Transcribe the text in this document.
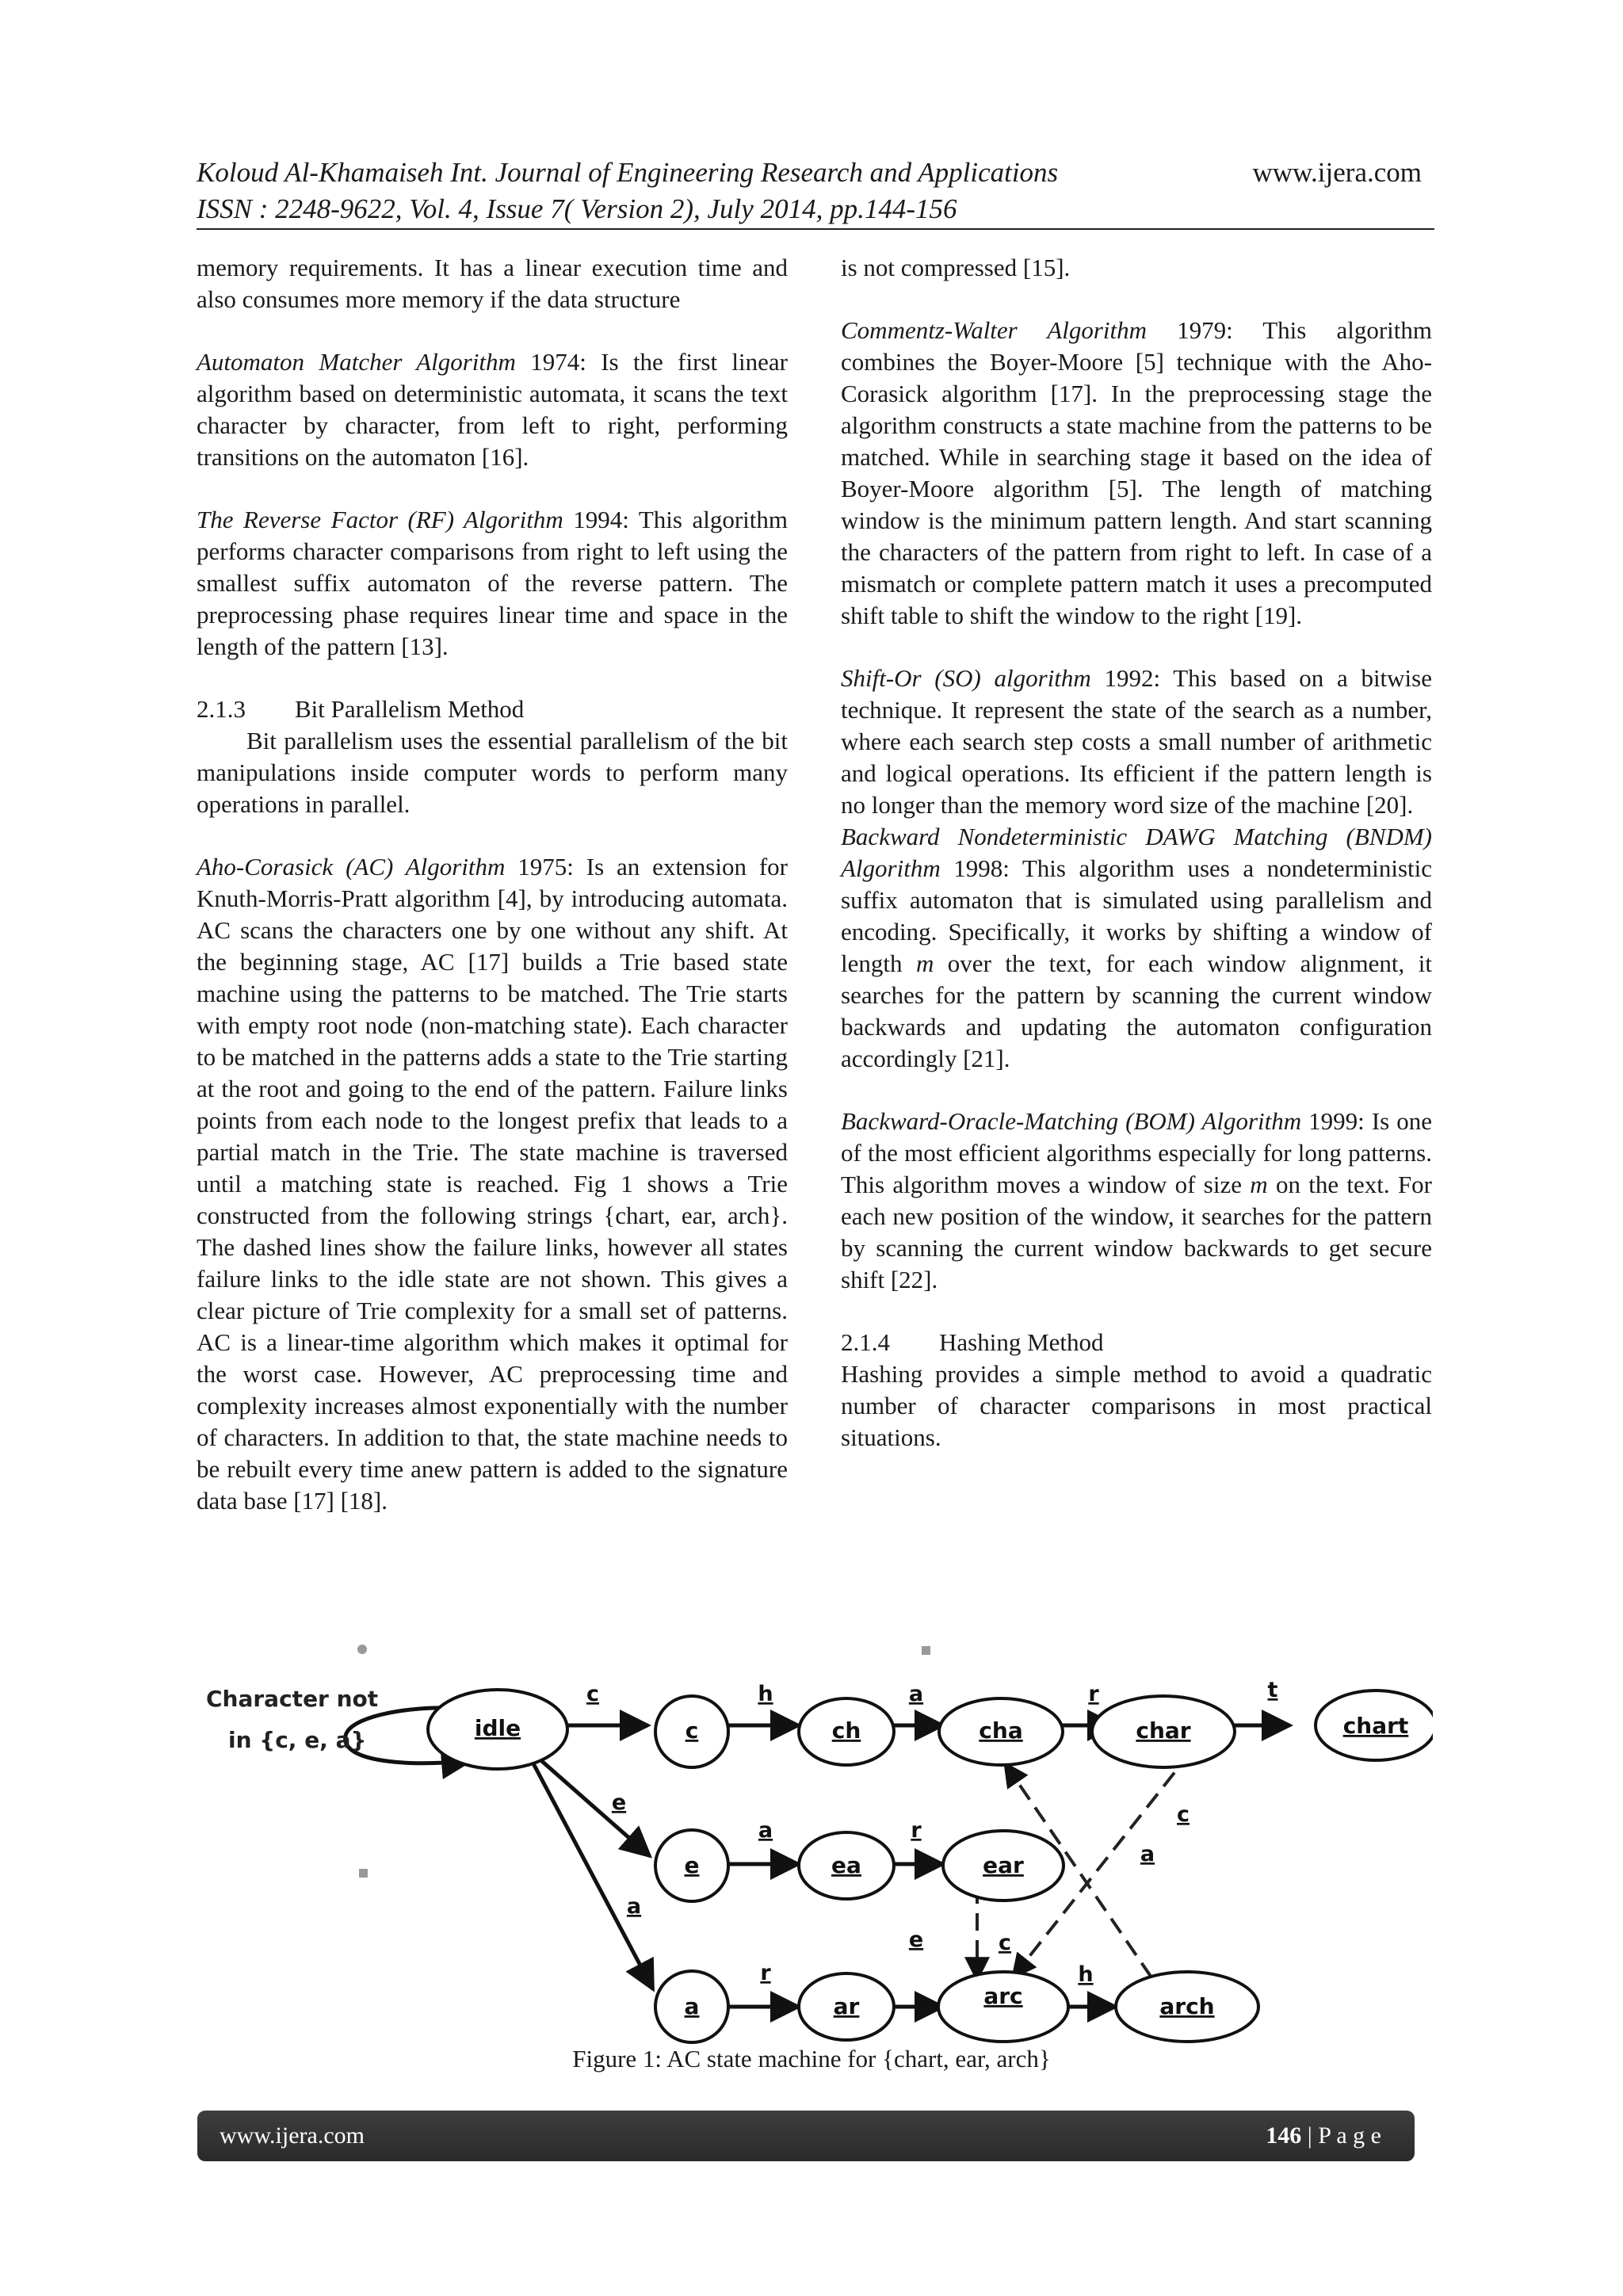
Koloud Al-Khamaiseh Int. Journal of Engineering Research and Applications	www.ijera.com
ISSN : 2248-9622, Vol. 4, Issue 7( Version 2), July 2014, pp.144-156

memory requirements. It has a linear execution time and also consumes more memory if the data structure

Automaton Matcher Algorithm 1974: Is the first linear algorithm based on deterministic automata, it scans the text character by character, from left to right, performing transitions on the automaton [16].

The Reverse Factor (RF) Algorithm 1994: This algorithm performs character comparisons from right to left using the smallest suffix automaton of the reverse pattern. The preprocessing phase requires linear time and space in the length of the pattern [13].

2.1.3 Bit Parallelism Method

Bit parallelism uses the essential parallelism of the bit manipulations inside computer words to perform many operations in parallel.

Aho-Corasick (AC) Algorithm 1975: Is an extension for Knuth-Morris-Pratt algorithm [4], by introducing automata. AC scans the characters one by one without any shift. At the beginning stage, AC [17] builds a Trie based state machine using the patterns to be matched. The Trie starts with empty root node (non-matching state). Each character to be matched in the patterns adds a state to the Trie starting at the root and going to the end of the pattern. Failure links points from each node to the longest prefix that leads to a partial match in the Trie. The state machine is traversed until a matching state is reached. Fig 1 shows a Trie constructed from the following strings {chart, ear, arch}. The dashed lines show the failure links, however all states failure links to the idle state are not shown. This gives a clear picture of Trie complexity for a small set of patterns. AC is a linear-time algorithm which makes it optimal for the worst case. However, AC preprocessing time and complexity increases almost exponentially with the number of characters. In addition to that, the state machine needs to be rebuilt every time anew pattern is added to the signature data base [17] [18].

is not compressed [15].

Commentz-Walter Algorithm 1979: This algorithm combines the Boyer-Moore [5] technique with the Aho-Corasick algorithm [17]. In the preprocessing stage the algorithm constructs a state machine from the patterns to be matched. While in searching stage it based on the idea of Boyer-Moore algorithm [5]. The length of matching window is the minimum pattern length. And start scanning the characters of the pattern from right to left. In case of a mismatch or complete pattern match it uses a precomputed shift table to shift the window to the right [19].

Shift-Or (SO) algorithm 1992: This based on a bitwise technique. It represent the state of the search as a number, where each search step costs a small number of arithmetic and logical operations. Its efficient if the pattern length is no longer than the memory word size of the machine [20].

Backward Nondeterministic DAWG Matching (BNDM) Algorithm 1998: This algorithm uses a nondeterministic suffix automaton that is simulated using parallelism and encoding. Specifically, it works by shifting a window of length m over the text, for each window alignment, it searches for the pattern by scanning the current window backwards and updating the automaton configuration accordingly [21].

Backward-Oracle-Matching (BOM) Algorithm 1999: Is one of the most efficient algorithms especially for long patterns. This algorithm moves a window of size m on the text. For each new position of the window, it searches for the pattern by scanning the current window backwards to get secure shift [22].

2.1.4 Hashing Method

Hashing provides a simple method to avoid a quadratic number of character comparisons in most practical situations.

Character not
in {c, e, a}	idle	c	ch	cha	char	chart
e	ea	ear
a	ar	arc	arch
c	h	a	r	t
e
a	r
a
r
c
h
c
a
e
Figure 1: AC state machine for {chart, ear, arch}
www.ijera.com	146 | P a g e
